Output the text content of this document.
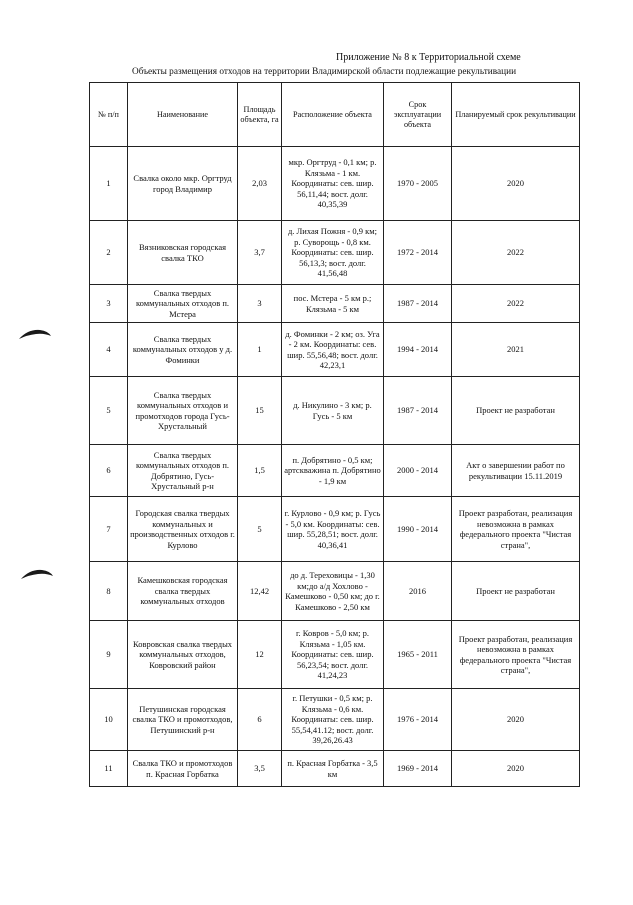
Приложение № 8 к Территориальной схеме
Объекты размещения отходов на территории Владимирской области подлежащие рекультивации
№ п/п	Наименование	Площадь объекта, га	Расположение объекта	Срок эксплуатации объекта	Планируемый срок рекультивации
1	Свалка около мкр. Оргтруд город Владимир	2,03	мкр. Оргтруд - 0,1 км; р. Клязьма - 1 км. Координаты: сев. шир. 56,11,44; вост. долг. 40,35,39	1970 - 2005	2020
2	Вязниковская городская свалка ТКО	3,7	д. Лихая Пожня - 0,9 км; р. Суворощь - 0,8 км. Координаты: сев. шир. 56,13,3; вост. долг. 41,56,48	1972 - 2014	2022
3	Свалка твердых коммунальных отходов п. Мстера	3	пос. Мстера - 5 км р.; Клязьма - 5 км	1987 - 2014	2022
4	Свалка твердых коммунальных отходов у д. Фоминки	1	д. Фоминки - 2 км; оз. Уга - 2 км. Координаты: сев. шир. 55,56,48; вост. долг. 42,23,1	1994 - 2014	2021
5	Свалка твердых коммунальных отходов и промотходов города Гусь-Хрустальный	15	д. Никулино - 3 км; р. Гусь - 5 км	1987 - 2014	Проект не разработан
6	Свалка твердых коммунальных отходов п. Добрятино, Гусь-Хрустальный р-н	1,5	п. Добрятино - 0,5 км; артскважина п. Добрятино - 1,9 км	2000 - 2014	Акт о завершении работ по рекультивации 15.11.2019
7	Городская свалка твердых коммунальных и производственных отходов г. Курлово	5	г. Курлово - 0,9 км; р. Гусь - 5,0 км. Координаты: сев. шир. 55,28,51; вост. долг. 40,36,41	1990 - 2014	Проект разработан, реализация невозможна в рамках федерального проекта "Чистая страна",
8	Камешковская городская свалка твердых коммунальных отходов	12,42	до д. Тереховицы - 1,30 км;до а/д Хохлово - Камешково - 0,50 км; до г. Камешково - 2,50 км	2016	Проект не разработан
9	Ковровская свалка твердых коммунальных отходов, Ковровский район	12	г. Ковров - 5,0 км; р. Клязьма - 1,05 км. Координаты: сев. шир. 56,23,54; вост. долг. 41,24,23	1965 - 2011	Проект разработан, реализация невозможна в рамках федерального проекта "Чистая страна",
10	Петушинская городская свалка ТКО и промотходов, Петушинский р-н	6	г. Петушки - 0,5 км; р. Клязьма - 0,6 км. Координаты: сев. шир. 55,54,41.12; вост. долг. 39,26,26.43	1976 - 2014	2020
11	Свалка ТКО и промотходов п. Красная Горбатка	3,5	п. Красная Горбатка - 3,5 км	1969 - 2014	2020
